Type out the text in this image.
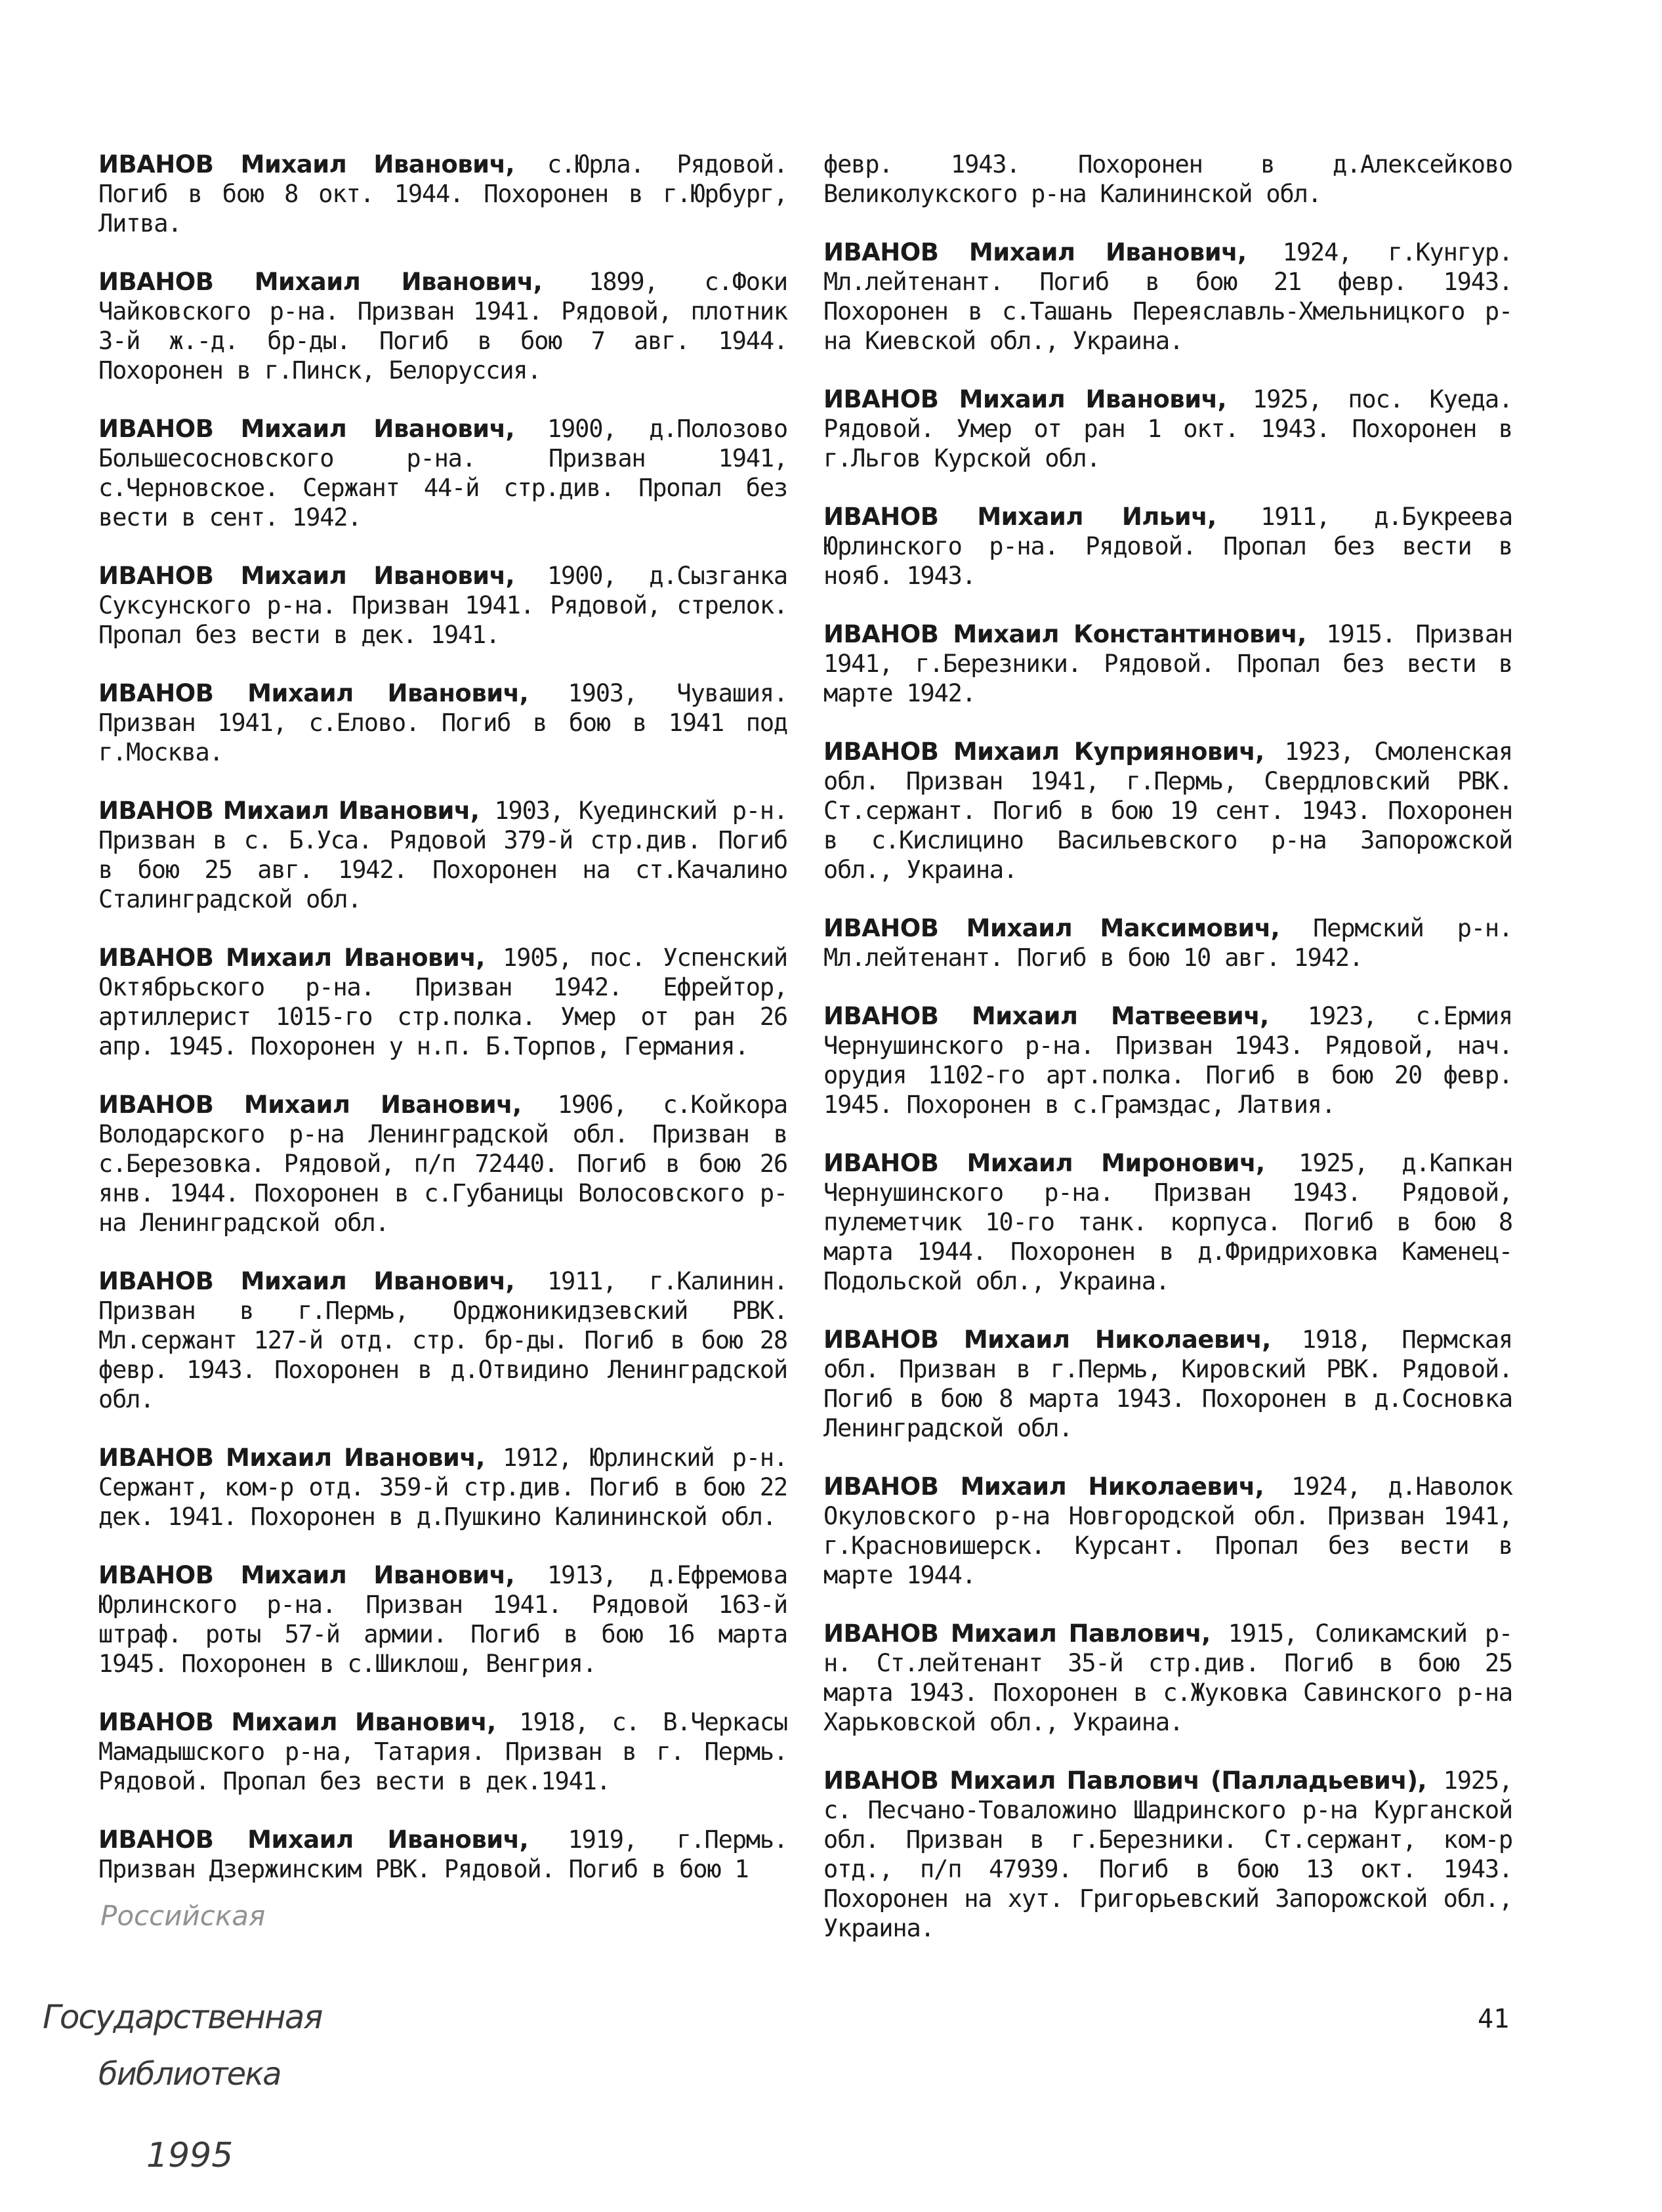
ИВАНОВ Михаил Иванович, с.Юрла. Рядовой. Погиб в бою 8 окт. 1944. Похоронен в г.Юрбург, Литва.

ИВАНОВ Михаил Иванович, 1899, с.Фоки Чайковского р-на. Призван 1941. Рядовой, плотник 3-й ж.-д. бр-ды. Погиб в бою 7 авг. 1944. Похоронен в г.Пинск, Белоруссия.

ИВАНОВ Михаил Иванович, 1900, д.Полозово Большесосновского р-на. Призван 1941, с.Черновское. Сержант 44-й стр.див. Пропал без вести в сент. 1942.

ИВАНОВ Михаил Иванович, 1900, д.Сызганка Суксунского р-на. Призван 1941. Рядовой, стрелок. Пропал без вести в дек. 1941.

ИВАНОВ Михаил Иванович, 1903, Чувашия. Призван 1941, с.Елово. Погиб в бою в 1941 под г.Москва.

ИВАНОВ Михаил Иванович, 1903, Куединский р-н. Призван в с. Б.Уса. Рядовой 379-й стр.див. Погиб в бою 25 авг. 1942. Похоронен на ст.Качалино Сталинградской обл.

ИВАНОВ Михаил Иванович, 1905, пос. Успенский Октябрьского р-на. Призван 1942. Ефрейтор, артиллерист 1015-го стр.полка. Умер от ран 26 апр. 1945. Похоронен у н.п. Б.Торпов, Германия.

ИВАНОВ Михаил Иванович, 1906, с.Койкора Володарского р-на Ленинградской обл. Призван в с.Березовка. Рядовой, п/п 72440. Погиб в бою 26 янв. 1944. Похоронен в с.Губаницы Волосовского р-на Ленинградской обл.

ИВАНОВ Михаил Иванович, 1911, г.Калинин. Призван в г.Пермь, Орджоникидзевский РВК. Мл.сержант 127-й отд. стр. бр-ды. Погиб в бою 28 февр. 1943. Похоронен в д.Отвидино Ленинградской обл.

ИВАНОВ Михаил Иванович, 1912, Юрлинский р-н. Сержант, ком-р отд. 359-й стр.див. Погиб в бою 22 дек. 1941. Похоронен в д.Пушкино Калининской обл.

ИВАНОВ Михаил Иванович, 1913, д.Ефремова Юрлинского р-на. Призван 1941. Рядовой 163-й штраф. роты 57-й армии. Погиб в бою 16 марта 1945. Похоронен в с.Шиклош, Венгрия.

ИВАНОВ Михаил Иванович, 1918, с. В.Черкасы Мамадышского р-на, Татария. Призван в г. Пермь. Рядовой. Пропал без вести в дек.1941.

ИВАНОВ Михаил Иванович, 1919, г.Пермь. Призван Дзержинским РВК. Рядовой. Погиб в бою 1

февр. 1943. Похоронен в д.Алексейково Великолукского р-на Калининской обл.

ИВАНОВ Михаил Иванович, 1924, г.Кунгур. Мл.лейтенант. Погиб в бою 21 февр. 1943. Похоронен в с.Ташань Переяславль-Хмельницкого р-на Киевской обл., Украина.

ИВАНОВ Михаил Иванович, 1925, пос. Куеда. Рядовой. Умер от ран 1 окт. 1943. Похоронен в г.Льгов Курской обл.

ИВАНОВ Михаил Ильич, 1911, д.Букреева Юрлинского р-на. Рядовой. Пропал без вести в нояб. 1943.

ИВАНОВ Михаил Константинович, 1915. Призван 1941, г.Березники. Рядовой. Пропал без вести в марте 1942.

ИВАНОВ Михаил Куприянович, 1923, Смоленская обл. Призван 1941, г.Пермь, Свердловский РВК. Ст.сержант. Погиб в бою 19 сент. 1943. Похоронен в с.Кислицино Васильевского р-на Запорожской обл., Украина.

ИВАНОВ Михаил Максимович, Пермский р-н. Мл.лейтенант. Погиб в бою 10 авг. 1942.

ИВАНОВ Михаил Матвеевич, 1923, с.Ермия Чернушинского р-на. Призван 1943. Рядовой, нач. орудия 1102-го арт.полка. Погиб в бою 20 февр. 1945. Похоронен в с.Грамздас, Латвия.

ИВАНОВ Михаил Миронович, 1925, д.Капкан Чернушинского р-на. Призван 1943. Рядовой, пулеметчик 10-го танк. корпуса. Погиб в бою 8 марта 1944. Похоронен в д.Фридриховка Каменец-Подольской обл., Украина.

ИВАНОВ Михаил Николаевич, 1918, Пермская обл. Призван в г.Пермь, Кировский РВК. Рядовой. Погиб в бою 8 марта 1943. Похоронен в д.Сосновка Ленинградской обл.

ИВАНОВ Михаил Николаевич, 1924, д.Наволок Окуловского р-на Новгородской обл. Призван 1941, г.Красновишерск. Курсант. Пропал без вести в марте 1944.

ИВАНОВ Михаил Павлович, 1915, Соликамский р-н. Ст.лейтенант 35-й стр.див. Погиб в бою 25 марта 1943. Похоронен в с.Жуковка Савинского р-на Харьковской обл., Украина.

ИВАНОВ Михаил Павлович (Палладьевич), 1925, с. Песчано-Товаложино Шадринского р-на Курганской обл. Призван в г.Березники. Ст.сержант, ком-р отд., п/п 47939. Погиб в бою 13 окт. 1943. Похоронен на хут. Григорьевский Запорожской обл., Украина.

41
Российская
Государственная
библиотека
1995
